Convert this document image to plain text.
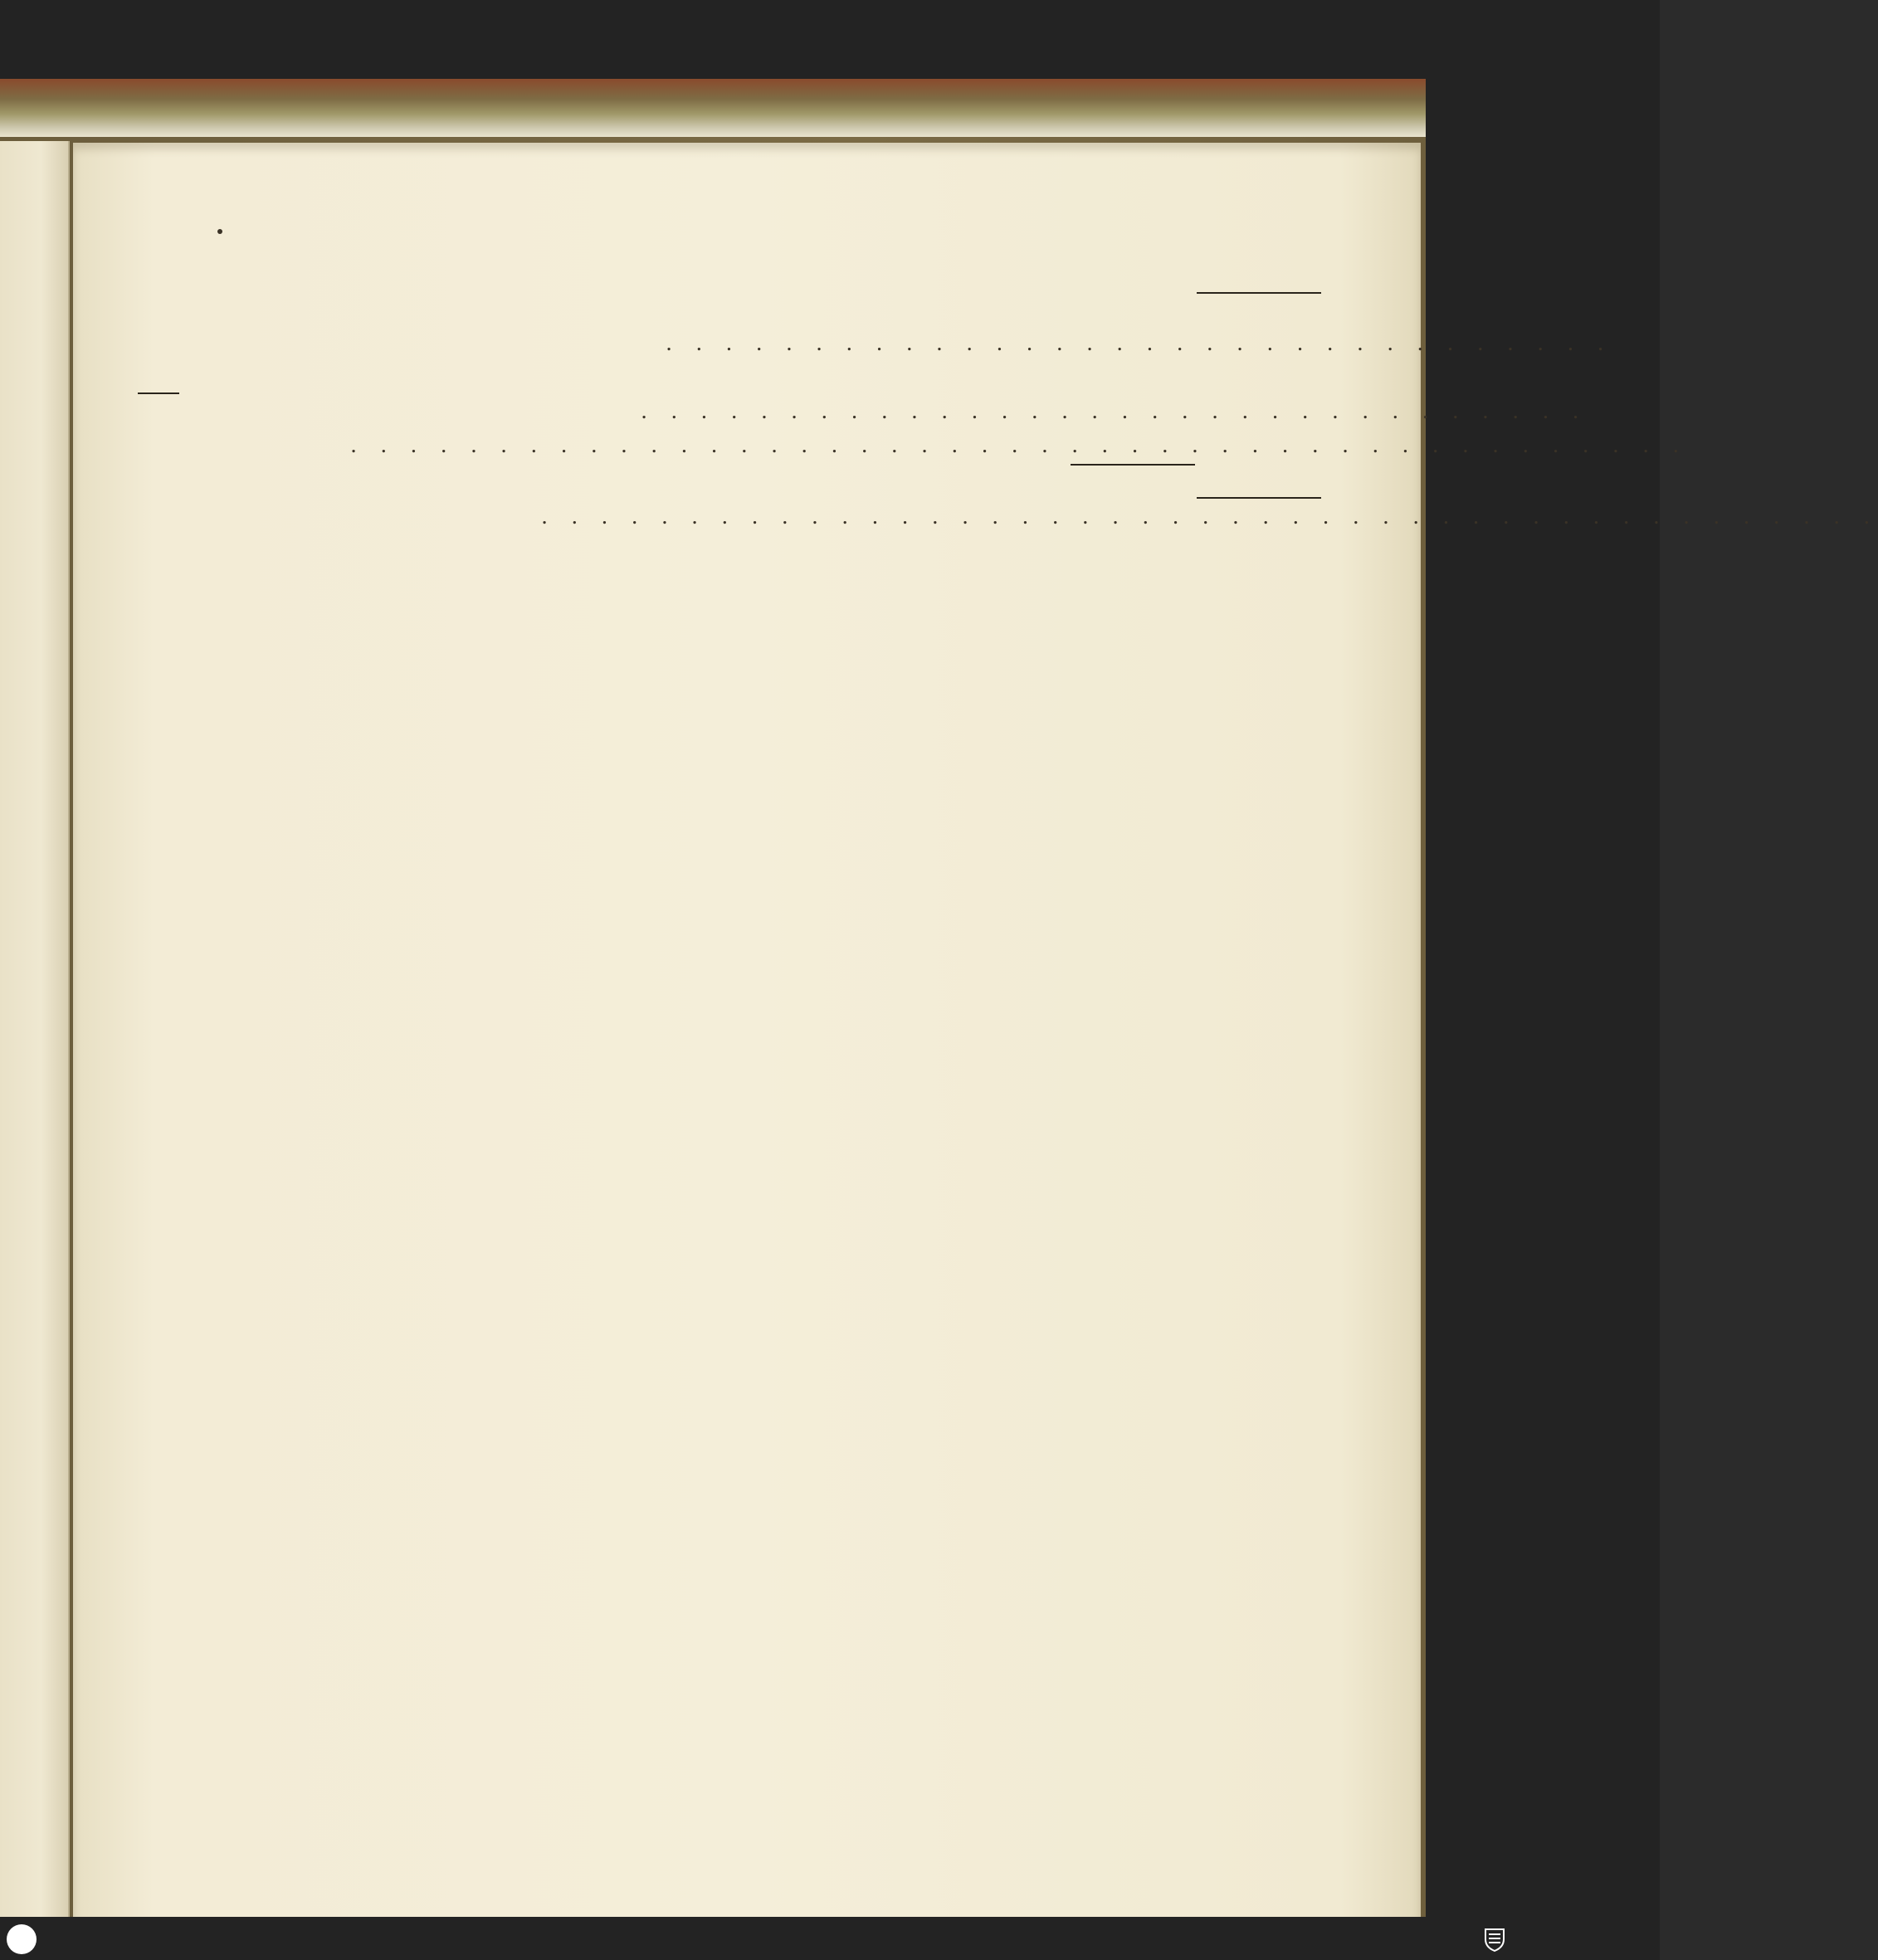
. . . . . . . . . . . . . . . . . . . . . . . . . . . . . . . .
. . . . . . . . . . . . . . . . . . . . . . . . . . . . . . . .
. . . . . . . . . . . . . . . . . . . . . . . . . . . . . . . . . . . . . . . . . . . . .
. . . . . . . . . . . . . . . . . . . . . . . . . . . . . . . . . . . . . . . . . . . . .
